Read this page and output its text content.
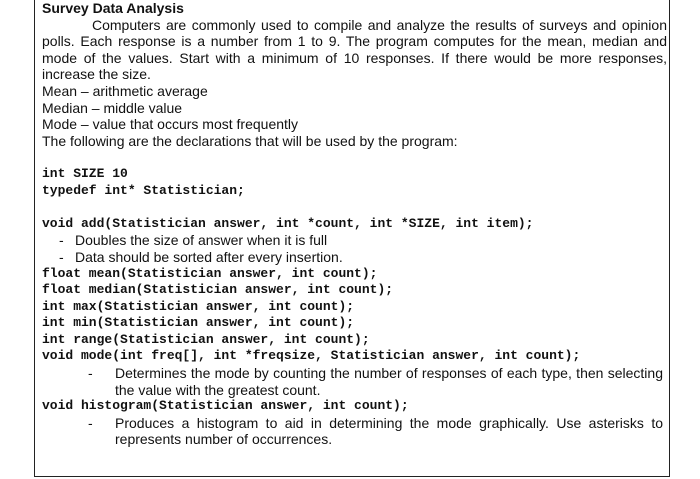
Survey Data Analysis
Computers are commonly used to compile and analyze the results of surveys and opinion polls. Each response is a number from 1 to 9. The program computes for the mean, median and mode of the values. Start with a minimum of 10 responses. If there would be more responses, increase the size.
Mean – arithmetic average
Median – middle value
Mode – value that occurs most frequently
The following are the declarations that will be used by the program:
int SIZE 10
typedef int* Statistician;
void add(Statistician answer, int *count, int *SIZE, int item);
- Doubles the size of answer when it is full
- Data should be sorted after every insertion.
float mean(Statistician answer, int count);
float median(Statistician answer, int count);
int max(Statistician answer, int count);
int min(Statistician answer, int count);
int range(Statistician answer, int count);
void mode(int freq[], int *freqsize, Statistician answer, int count);
-	Determines the mode by counting the number of responses of each type, then selecting the value with the greatest count.
void histogram(Statistician answer, int count);
-	Produces a histogram to aid in determining the mode graphically. Use asterisks to represents number of occurrences.
